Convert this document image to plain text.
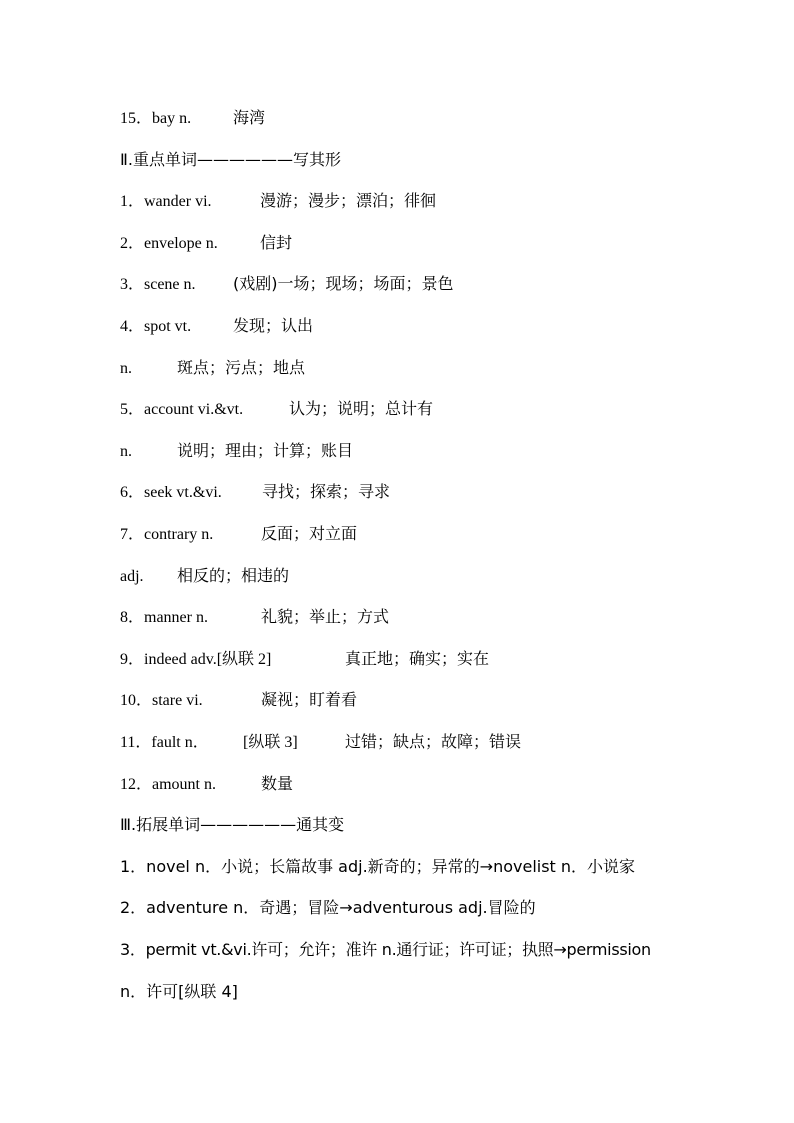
15．bay n.	海湾
Ⅱ.重点单词——————写其形
1．wander vi.	漫游；漫步；漂泊；徘徊
2．envelope n.	信封
3．scene n. (戏剧)一场；现场；场面；景色
4．spot vt.	发现；认出
n.	斑点；污点；地点
5．account vi.&vt.	认为；说明；总计有
n.	说明；理由；计算；账目
6．seek vt.&vi.	寻找；探索；寻求
7．contrary n.	反面；对立面
adj. 相反的；相违的
8．manner n.	礼貌；举止；方式
9．indeed adv.[纵联 2]	真正地；确实；实在
10．stare vi.	凝视；盯着看
11．fault n． [纵联 3]	过错；缺点；故障；错误
12．amount n.	数量
Ⅲ.拓展单词——————通其变
1．novel n．小说；长篇故事 adj.新奇的；异常的→novelist n．小说家
2．adventure n．奇遇；冒险→adventurous adj.冒险的
3．permit vt.&vi.许可；允许；准许 n.通行证；许可证；执照→permission
n．许可[纵联 4]
